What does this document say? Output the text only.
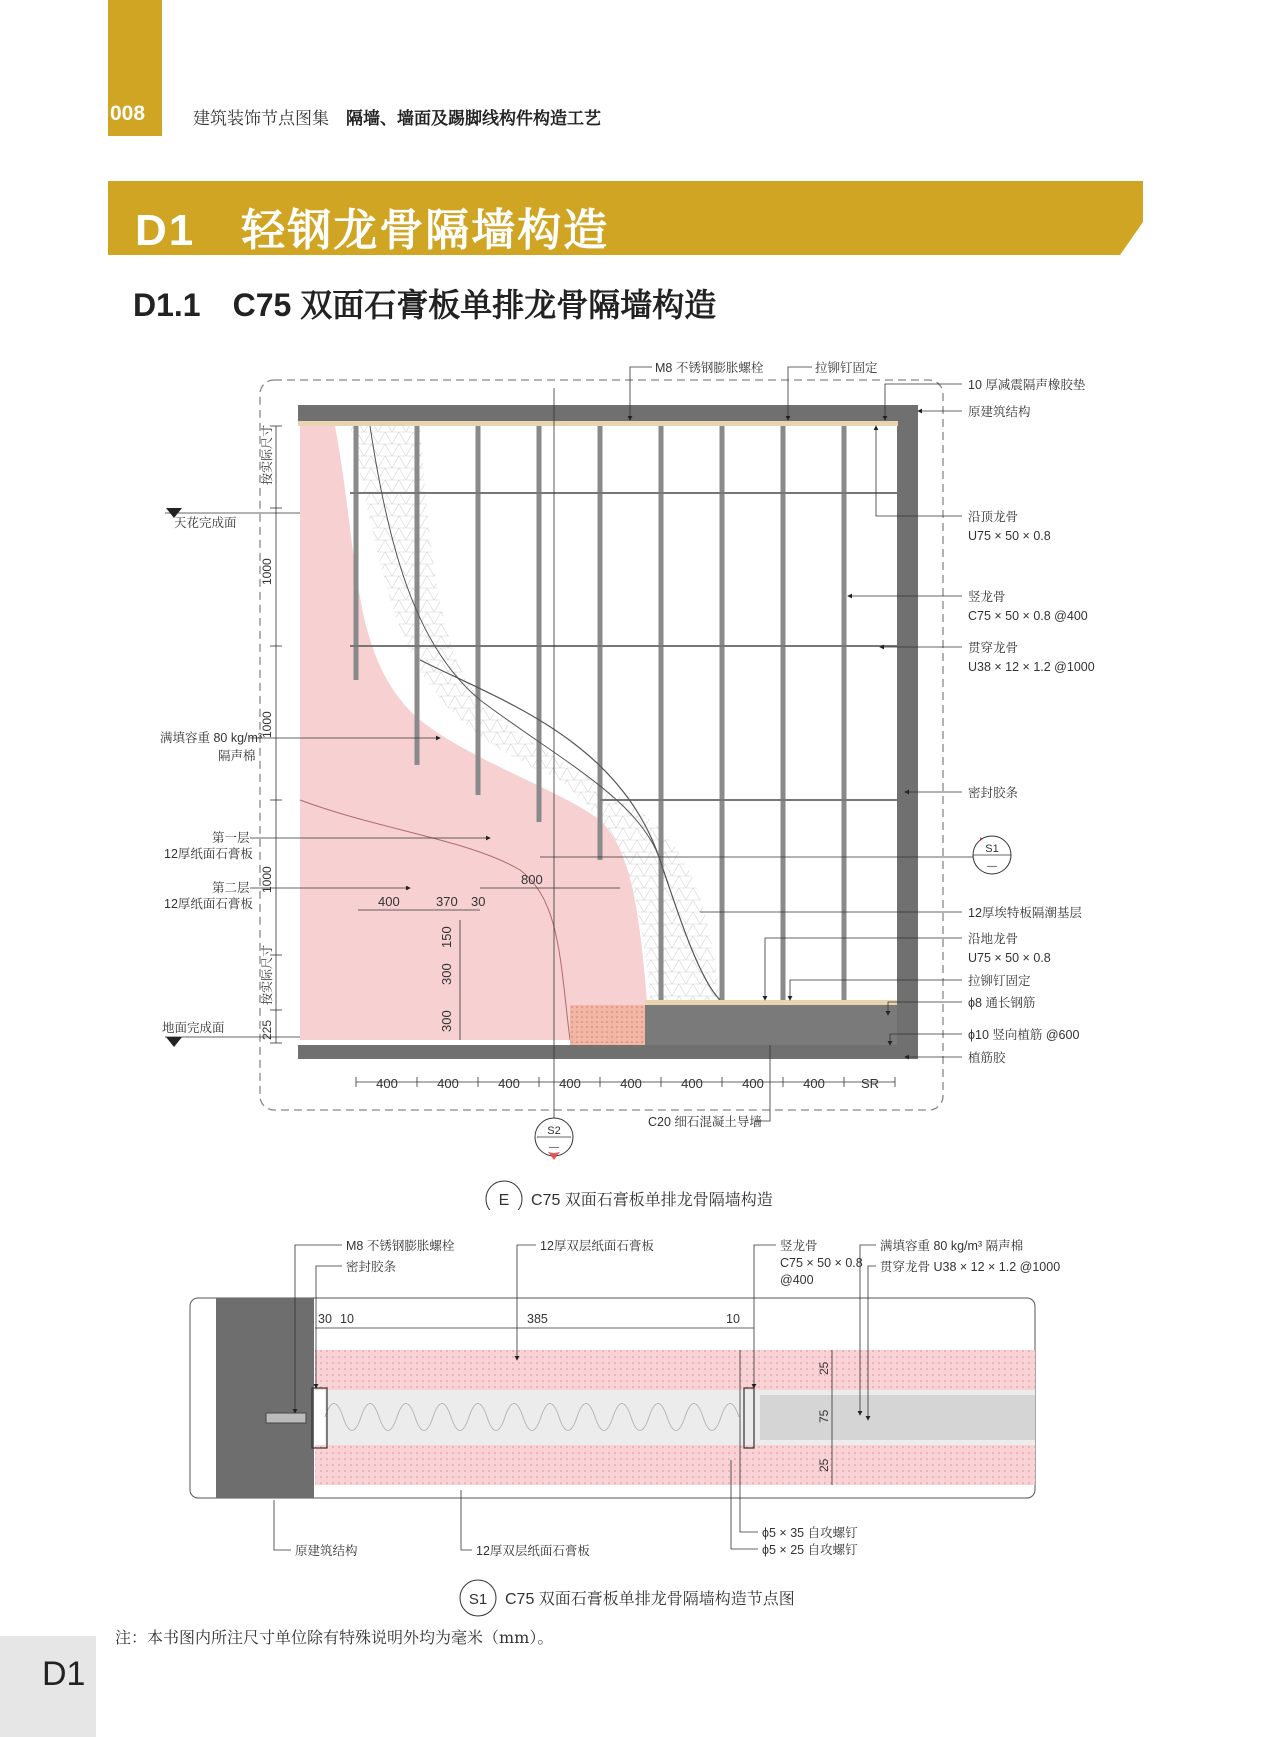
008	建筑装饰节点图集 隔墙、墙面及踢脚线构件构造工艺
D1　轻钢龙骨隔墙构造
D1.1　C75 双面石膏板单排龙骨隔墙构造
400	400	400	400	400	400	400	400	SR
按实际尺寸
1000
1000
1000
按实际尺寸
225
800
400	370 30
150
300
300
天花完成面
满填容重 80 kg/m³
隔声棉
第一层
12厚纸面石膏板
第二层
12厚纸面石膏板
地面完成面
M8 不锈钢膨胀螺栓	拉铆钉固定
10 厚减震隔声橡胶垫
原建筑结构
沿顶龙骨
U75 × 50 × 0.8
竖龙骨
C75 × 50 × 0.8 @400
贯穿龙骨
U38 × 12 × 1.2 @1000
密封胶条
12厚埃特板隔潮基层
沿地龙骨
U75 × 50 × 0.8
拉铆钉固定
ϕ8 通长钢筋
ϕ10 竖向植筋 @600
植筋胶
S1
—
S2
—
C20 细石混凝土导墙
E C75 双面石膏板单排龙骨隔墙构造
30 10	385	10
25
75
25
M8 不锈钢膨胀螺栓
密封胶条
12厚双层纸面石膏板	竖龙骨
C75 × 50 × 0.8
@400
满填容重 80 kg/m³ 隔声棉
贯穿龙骨 U38 × 12 × 1.2 @1000
原建筑结构	12厚双层纸面石膏板
ϕ5 × 35 自攻螺钉
ϕ5 × 25 自攻螺钉
S1 C75 双面石膏板单排龙骨隔墙构造节点图
注：本书图内所注尺寸单位除有特殊说明外均为毫米（mm）。
D1
